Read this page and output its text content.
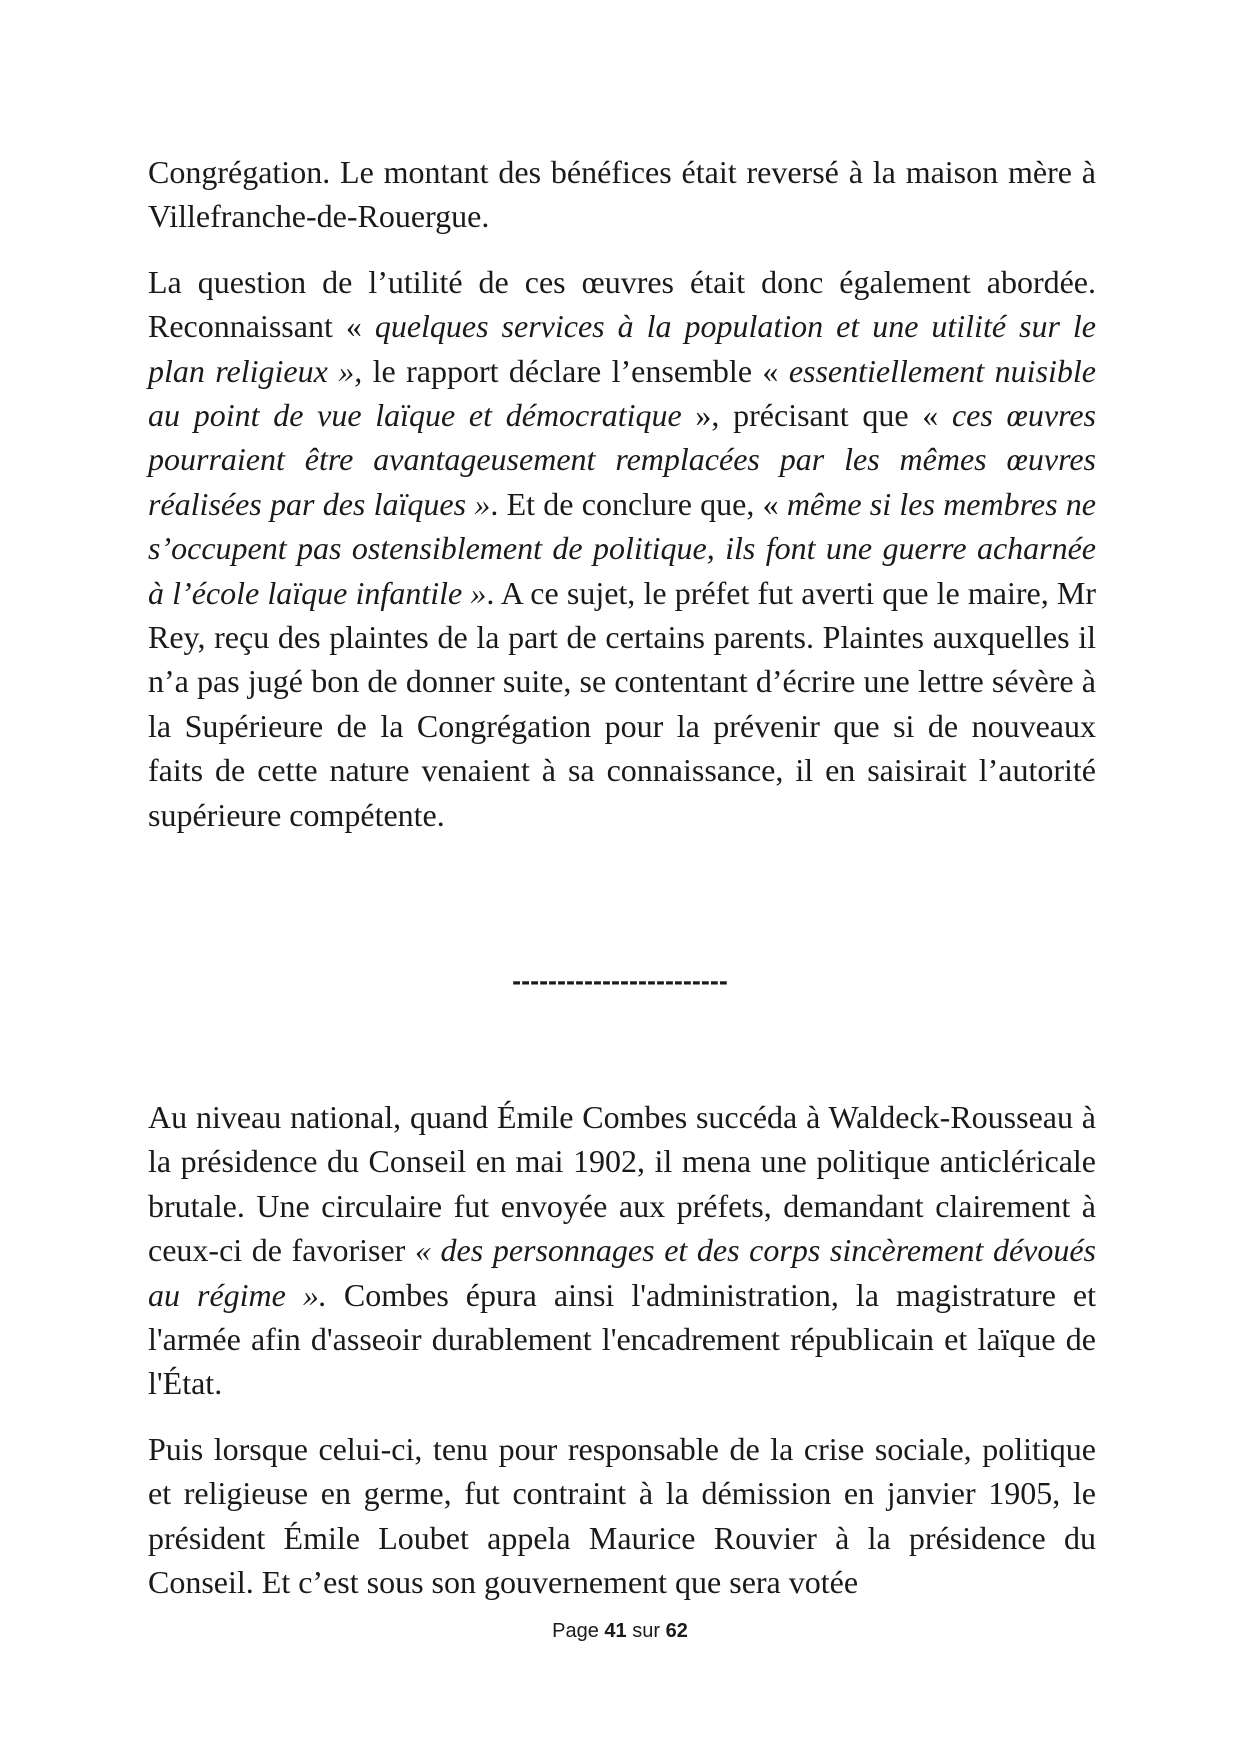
Congrégation. Le montant des bénéfices était reversé à la maison mère à Villefranche-de-Rouergue.

La question de l’utilité de ces œuvres était donc également abordée. Reconnaissant « quelques services à la population et une utilité sur le plan religieux », le rapport déclare l’ensemble « essentiellement nuisible au point de vue laïque et démocratique », précisant que « ces œuvres pourraient être avantageusement remplacées par les mêmes œuvres réalisées par des laïques ». Et de conclure que, « même si les membres ne s’occupent pas ostensiblement de politique, ils font une guerre acharnée à l’école laïque infantile ». A ce sujet, le préfet fut averti que le maire, Mr Rey, reçu des plaintes de la part de certains parents. Plaintes auxquelles il n’a pas jugé bon de donner suite, se contentant d’écrire une lettre sévère à la Supérieure de la Congrégation pour la prévenir que si de nouveaux faits de cette nature venaient à sa connaissance, il en saisirait l’autorité supérieure compétente.

------------------------

Au niveau national, quand Émile Combes succéda à Waldeck-Rousseau à la présidence du Conseil en mai 1902, il mena une politique anticléricale brutale. Une circulaire fut envoyée aux préfets, demandant clairement à ceux-ci de favoriser « des personnages et des corps sincèrement dévoués au régime ». Combes épura ainsi l'administration, la magistrature et l'armée afin d'asseoir durablement l'encadrement républicain et laïque de l'État.

Puis lorsque celui-ci, tenu pour responsable de la crise sociale, politique et religieuse en germe, fut contraint à la démission en janvier 1905, le président Émile Loubet appela Maurice Rouvier à la présidence du Conseil. Et c’est sous son gouvernement que sera votée

Page 41 sur 62
